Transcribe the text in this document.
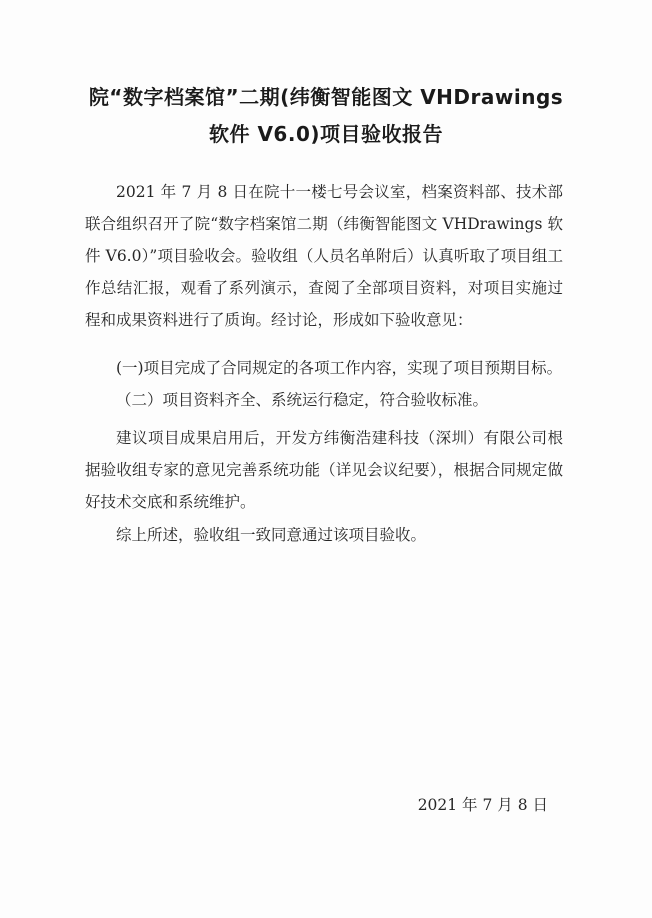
院“数字档案馆”二期(纬衡智能图文 VHDrawings
软件 V6.0)项目验收报告

2021 年 7 月 8 日在院十一楼七号会议室，档案资料部、技术部联合组织召开了院“数字档案馆二期（纬衡智能图文 VHDrawings 软件 V6.0）”项目验收会。验收组（人员名单附后）认真听取了项目组工作总结汇报，观看了系列演示，查阅了全部项目资料，对项目实施过程和成果资料进行了质询。经讨论，形成如下验收意见：

(一)项目完成了合同规定的各项工作内容，实现了项目预期目标。

（二）项目资料齐全、系统运行稳定，符合验收标准。

建议项目成果启用后，开发方纬衡浩建科技（深圳）有限公司根据验收组专家的意见完善系统功能（详见会议纪要），根据合同规定做好技术交底和系统维护。

综上所述，验收组一致同意通过该项目验收。

2021 年 7 月 8 日
